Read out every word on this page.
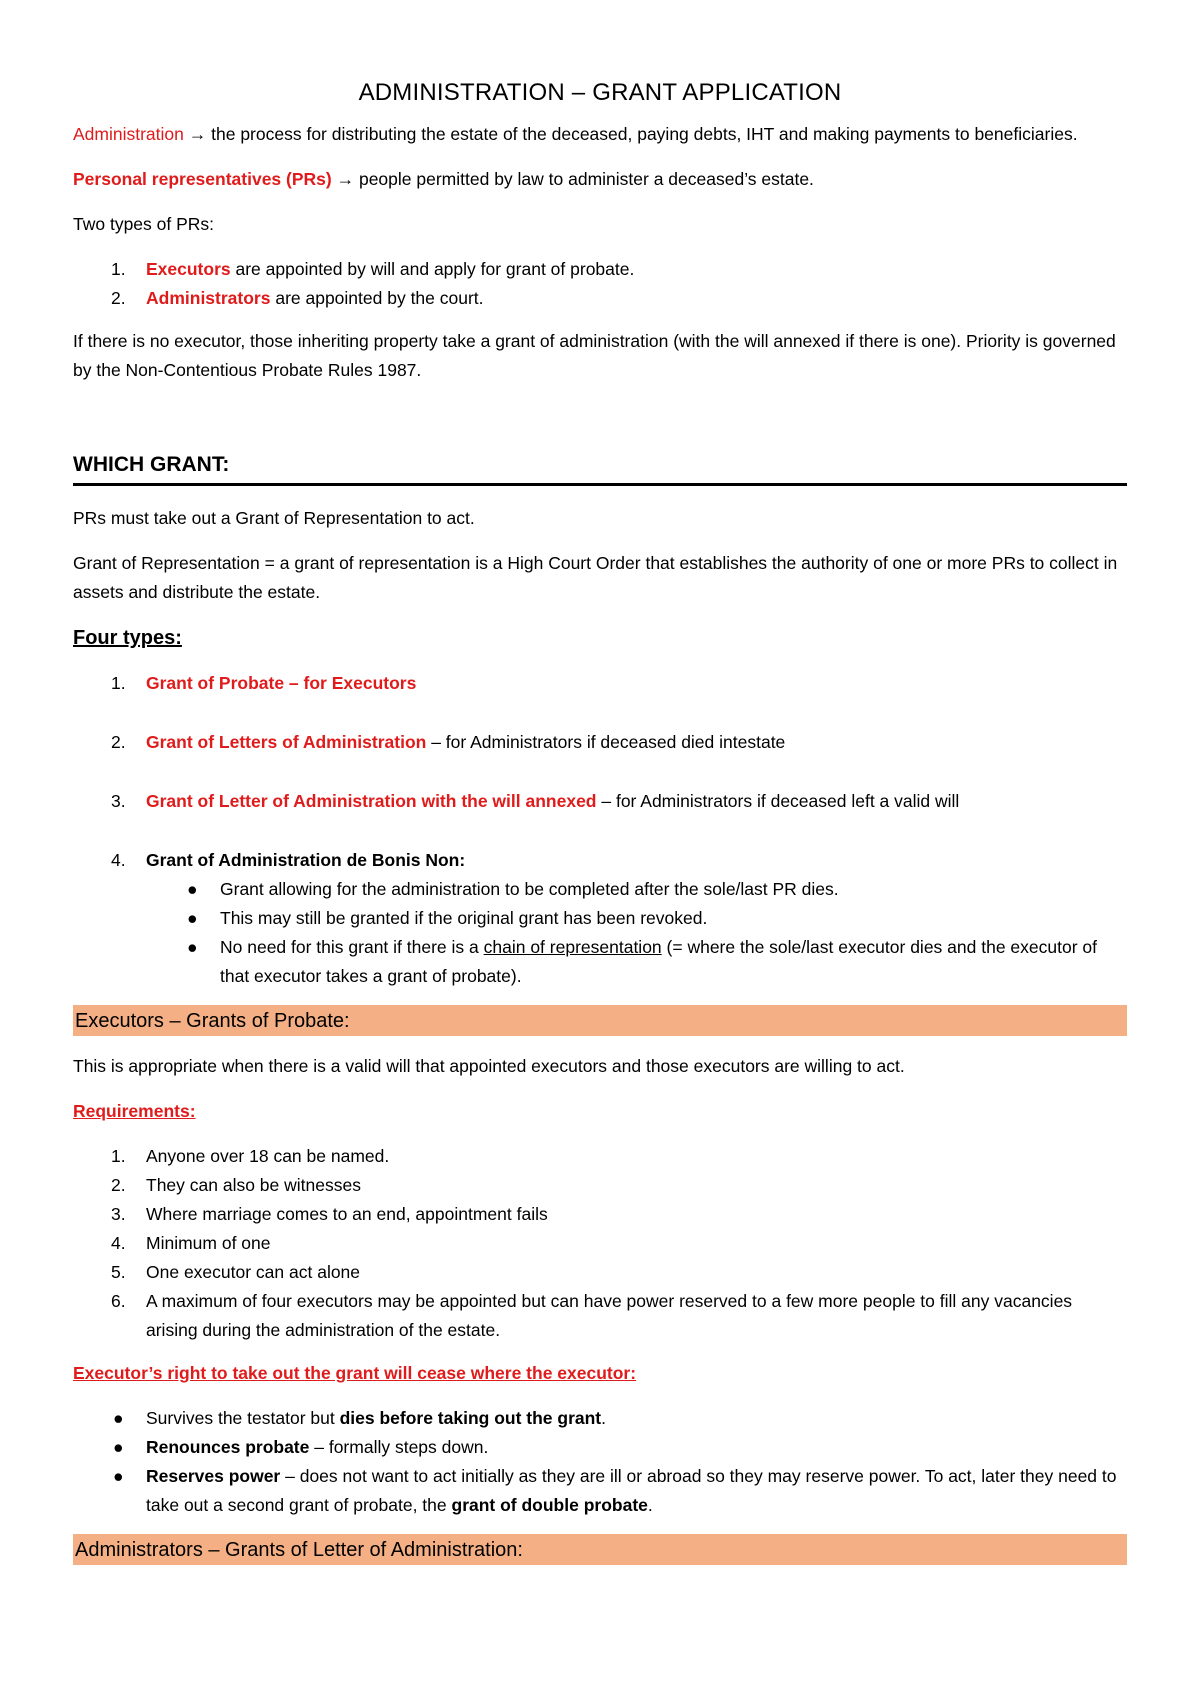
ADMINISTRATION – GRANT APPLICATION

Administration → the process for distributing the estate of the deceased, paying debts, IHT and making payments to beneficiaries.

Personal representatives (PRs) → people permitted by law to administer a deceased’s estate.

Two types of PRs:

1. Executors are appointed by will and apply for grant of probate.
2. Administrators are appointed by the court.

If there is no executor, those inheriting property take a grant of administration (with the will annexed if there is one). Priority is governed by the Non-Contentious Probate Rules 1987.

WHICH GRANT:

PRs must take out a Grant of Representation to act.

Grant of Representation = a grant of representation is a High Court Order that establishes the authority of one or more PRs to collect in assets and distribute the estate.

Four types:
1. Grant of Probate – for Executors
2. Grant of Letters of Administration – for Administrators if deceased died intestate
3. Grant of Letter of Administration with the will annexed – for Administrators if deceased left a valid will
4. Grant of Administration de Bonis Non:
● Grant allowing for the administration to be completed after the sole/last PR dies.
● This may still be granted if the original grant has been revoked.
● No need for this grant if there is a chain of representation (= where the sole/last executor dies and the executor of that executor takes a grant of probate).
Executors – Grants of Probate:

This is appropriate when there is a valid will that appointed executors and those executors are willing to act.

Requirements:

1. Anyone over 18 can be named.
2. They can also be witnesses
3. Where marriage comes to an end, appointment fails
4. Minimum of one
5. One executor can act alone
6. A maximum of four executors may be appointed but can have power reserved to a few more people to fill any vacancies arising during the administration of the estate.

Executor’s right to take out the grant will cease where the executor:

● Survives the testator but dies before taking out the grant.
● Renounces probate – formally steps down.
● Reserves power – does not want to act initially as they are ill or abroad so they may reserve power. To act, later they need to take out a second grant of probate, the grant of double probate.
Administrators – Grants of Letter of Administration:
